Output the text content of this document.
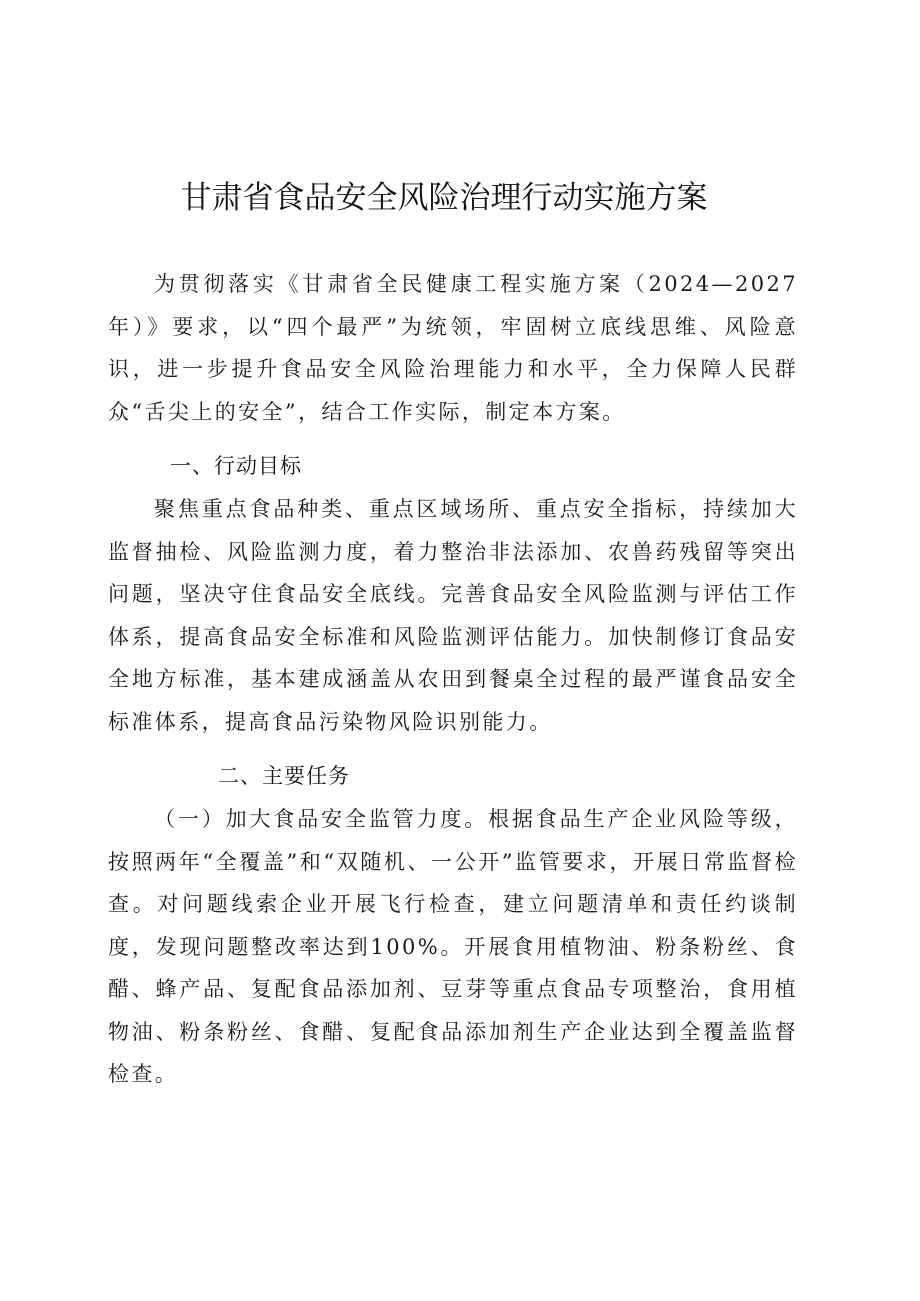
甘肃省食品安全风险治理行动实施方案

为贯彻落实《甘肃省全民健康工程实施方案（2024—2027年）》要求，以“四个最严”为统领，牢固树立底线思维、风险意识，进一步提升食品安全风险治理能力和水平，全力保障人民群众“舌尖上的安全”，结合工作实际，制定本方案。

一、行动目标

聚焦重点食品种类、重点区域场所、重点安全指标，持续加大监督抽检、风险监测力度，着力整治非法添加、农兽药残留等突出问题，坚决守住食品安全底线。完善食品安全风险监测与评估工作体系，提高食品安全标准和风险监测评估能力。加快制修订食品安全地方标准，基本建成涵盖从农田到餐桌全过程的最严谨食品安全标准体系，提高食品污染物风险识别能力。

二、主要任务

（一）加大食品安全监管力度。根据食品生产企业风险等级，按照两年“全覆盖”和“双随机、一公开”监管要求，开展日常监督检查。对问题线索企业开展飞行检查，建立问题清单和责任约谈制度，发现问题整改率达到100%。开展食用植物油、粉条粉丝、食醋、蜂产品、复配食品添加剂、豆芽等重点食品专项整治，食用植物油、粉条粉丝、食醋、复配食品添加剂生产企业达到全覆盖监督检查。
